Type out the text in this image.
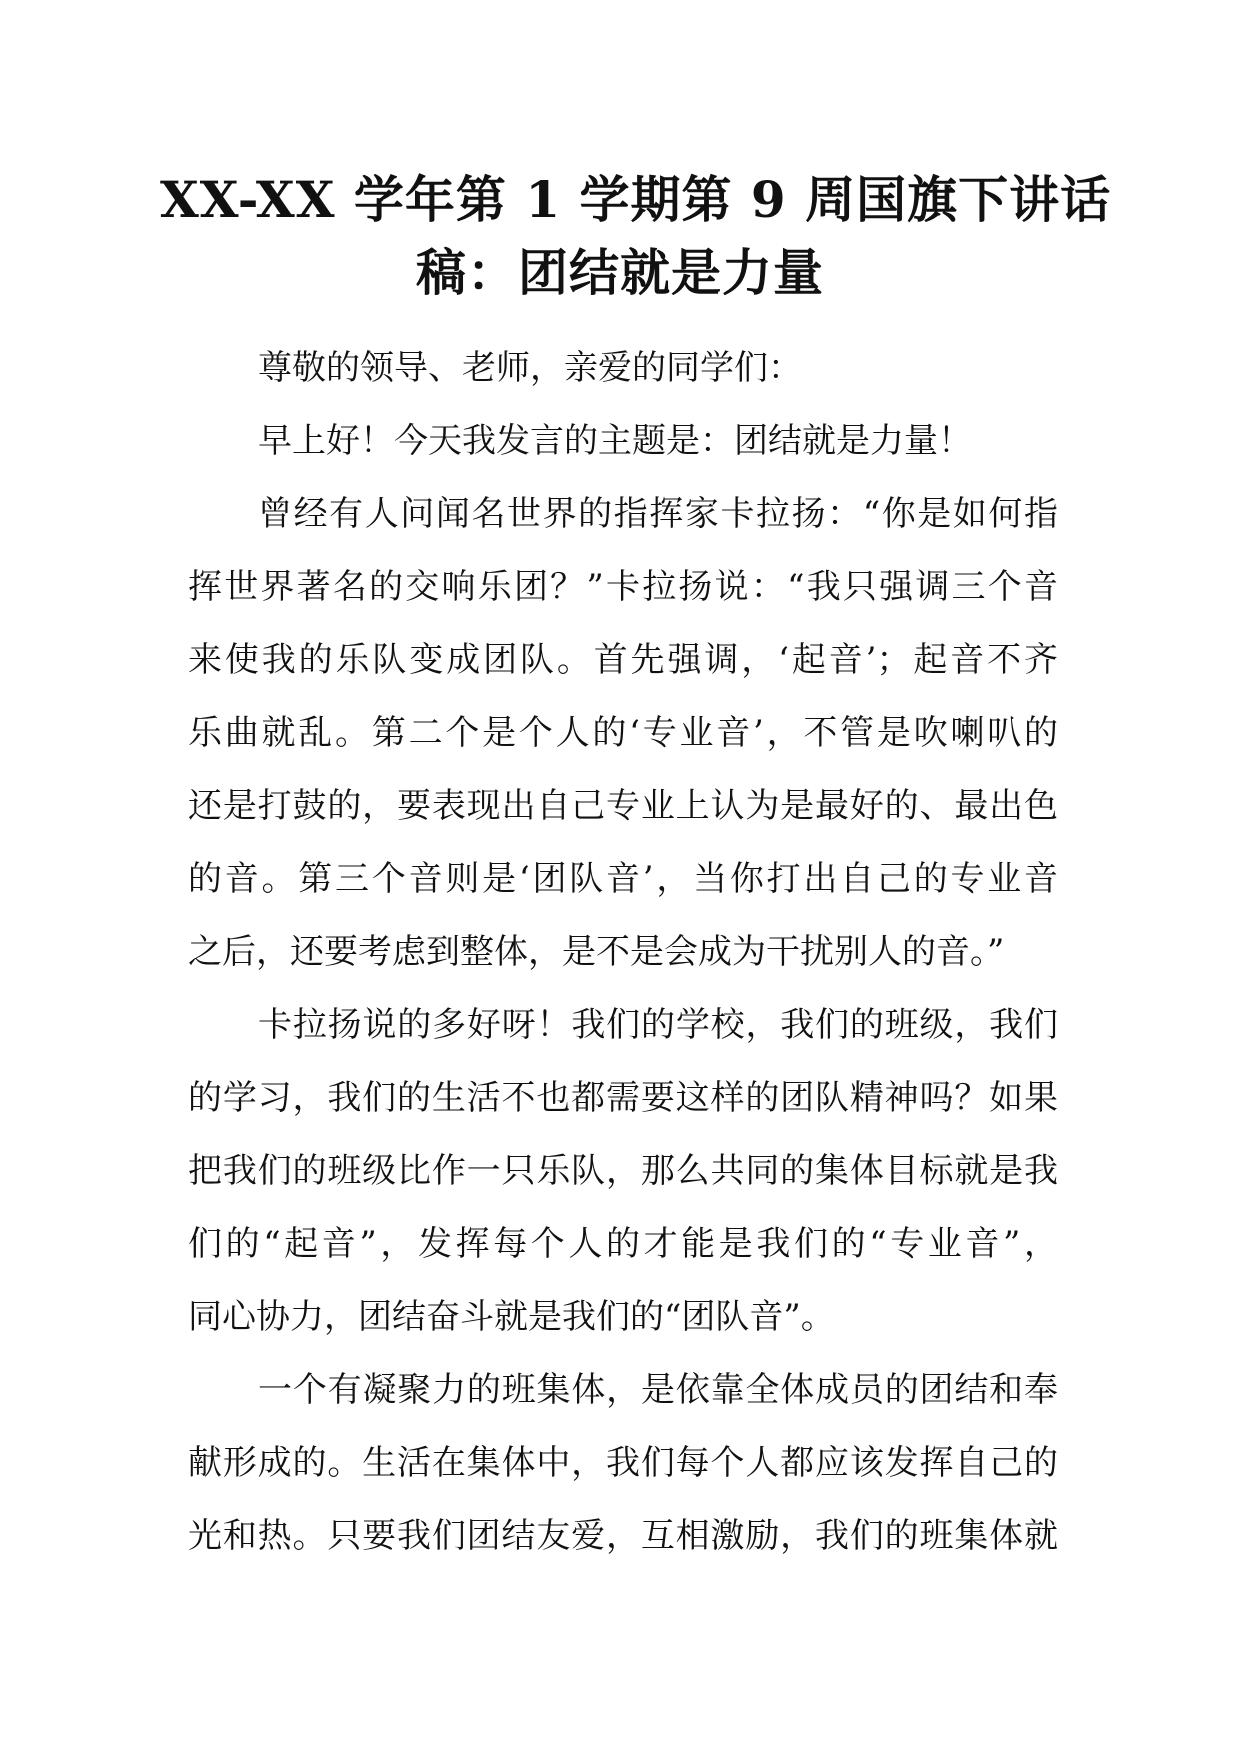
XX-XX 学年第 1 学期第 9 周国旗下讲话
稿：团结就是力量
尊敬的领导、老师，亲爱的同学们：
早上好！今天我发言的主题是：团结就是力量！
曾经有人问闻名世界的指挥家卡拉扬：“你是如何指
挥世界著名的交响乐团？”卡拉扬说：“我只强调三个音
来使我的乐队变成团队。首先强调，‘起音’；起音不齐
乐曲就乱。第二个是个人的‘专业音’，不管是吹喇叭的
还是打鼓的，要表现出自己专业上认为是最好的、最出色
的音。第三个音则是‘团队音’，当你打出自己的专业音
之后，还要考虑到整体，是不是会成为干扰别人的音。”
卡拉扬说的多好呀！我们的学校，我们的班级，我们
的学习，我们的生活不也都需要这样的团队精神吗？如果
把我们的班级比作一只乐队，那么共同的集体目标就是我
们的“起音”，发挥每个人的才能是我们的“专业音”，
同心协力，团结奋斗就是我们的“团队音”。
一个有凝聚力的班集体，是依靠全体成员的团结和奉
献形成的。生活在集体中，我们每个人都应该发挥自己的
光和热。只要我们团结友爱，互相激励，我们的班集体就
